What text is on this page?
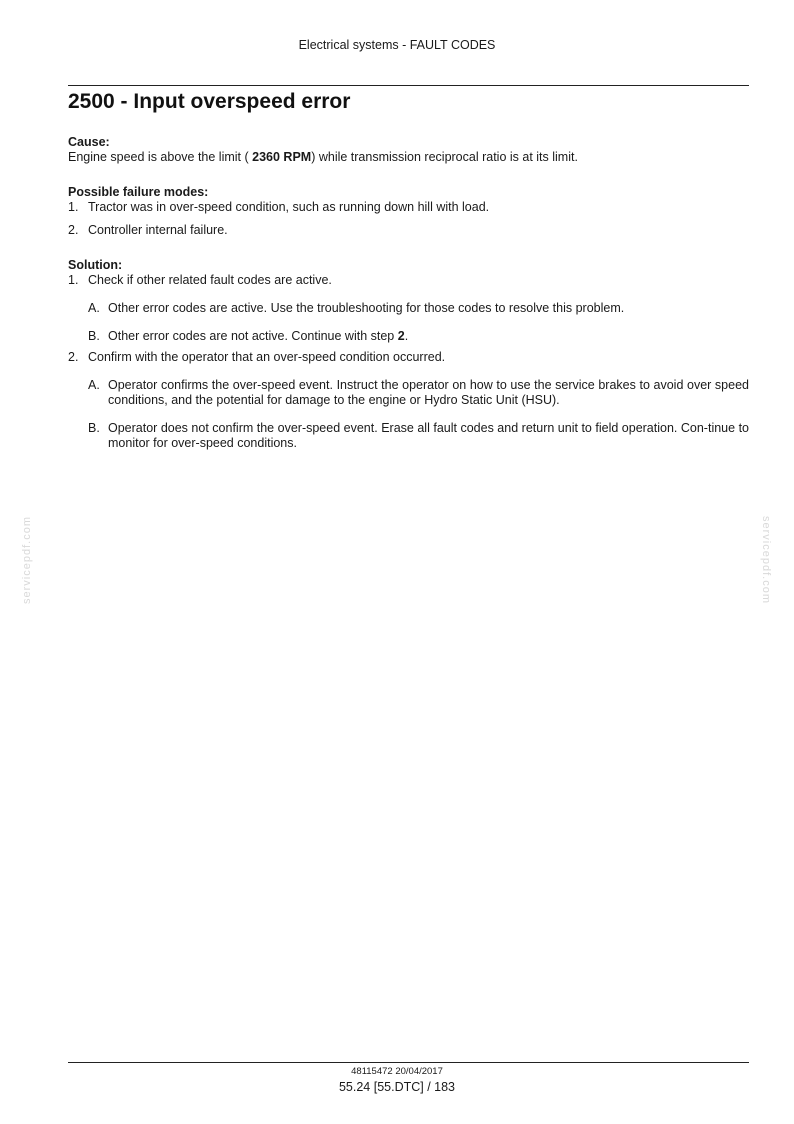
Electrical systems - FAULT CODES
servicepdf.com	servicepdf.com
2500 - Input overspeed error
Cause:
Engine speed is above the limit ( 2360 RPM) while transmission reciprocal ratio is at its limit.
Possible failure modes:
1. Tractor was in over-speed condition, such as running down hill with load.
2. Controller internal failure.
Solution:
1. Check if other related fault codes are active.
A. Other error codes are active. Use the troubleshooting for those codes to resolve this problem.
B. Other error codes are not active. Continue with step 2.
2. Confirm with the operator that an over-speed condition occurred.
A. Operator confirms the over-speed event. Instruct the operator on how to use the service brakes to avoid over speed conditions, and the potential for damage to the engine or Hydro Static Unit (HSU).
B. Operator does not confirm the over-speed event. Erase all fault codes and return unit to field operation. Con-tinue to monitor for over-speed conditions.
48115472 20/04/2017
55.24 [55.DTC] / 183
